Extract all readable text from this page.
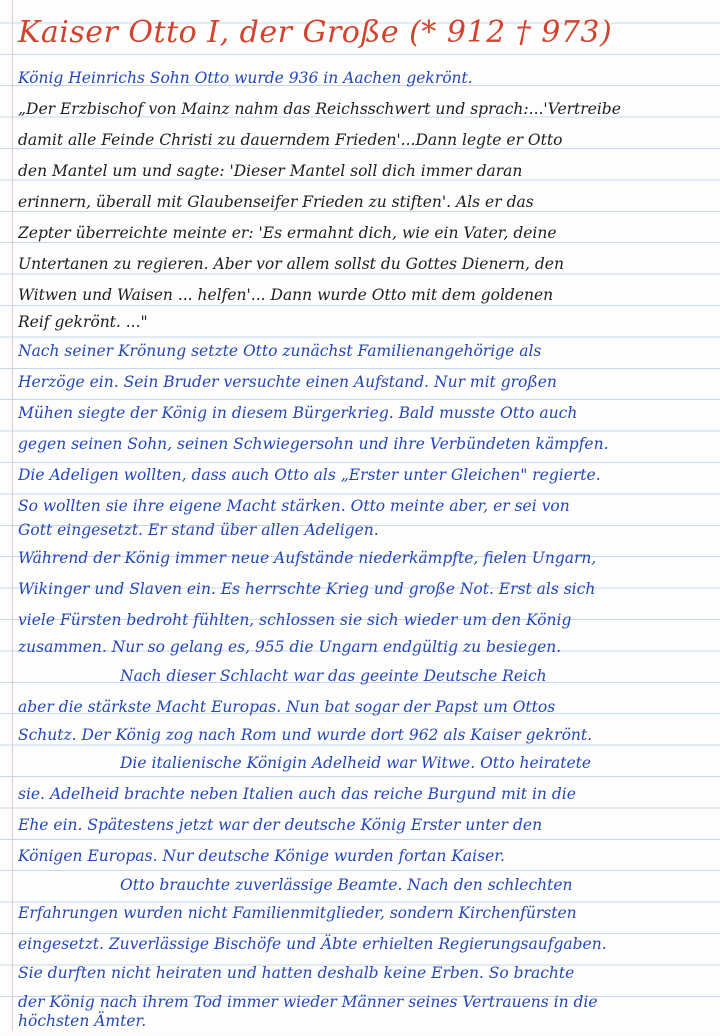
Kaiser Otto I, der Große (* 912 † 973)
König Heinrichs Sohn Otto wurde 936 in Aachen gekrönt.
„Der Erzbischof von Mainz nahm das Reichsschwert und sprach:...'Vertreibe
damit alle Feinde Christi zu dauerndem Frieden'...Dann legte er Otto
den Mantel um und sagte: 'Dieser Mantel soll dich immer daran
erinnern, überall mit Glaubenseifer Frieden zu stiften'. Als er das
Zepter überreichte meinte er: 'Es ermahnt dich, wie ein Vater, deine
Untertanen zu regieren. Aber vor allem sollst du Gottes Dienern, den
Witwen und Waisen ... helfen'... Dann wurde Otto mit dem goldenen
Reif gekrönt. ..."
Nach seiner Krönung setzte Otto zunächst Familienangehörige als
Herzöge ein. Sein Bruder versuchte einen Aufstand. Nur mit großen
Mühen siegte der König in diesem Bürgerkrieg. Bald musste Otto auch
gegen seinen Sohn, seinen Schwiegersohn und ihre Verbündeten kämpfen.
Die Adeligen wollten, dass auch Otto als „Erster unter Gleichen" regierte.
So wollten sie ihre eigene Macht stärken. Otto meinte aber, er sei von
Gott eingesetzt. Er stand über allen Adeligen.
Während der König immer neue Aufstände niederkämpfte, fielen Ungarn,
Wikinger und Slaven ein. Es herrschte Krieg und große Not. Erst als sich
viele Fürsten bedroht fühlten, schlossen sie sich wieder um den König
zusammen. Nur so gelang es, 955 die Ungarn endgültig zu besiegen.
Nach dieser Schlacht war das geeinte Deutsche Reich
aber die stärkste Macht Europas. Nun bat sogar der Papst um Ottos
Schutz. Der König zog nach Rom und wurde dort 962 als Kaiser gekrönt.
Die italienische Königin Adelheid war Witwe. Otto heiratete
sie. Adelheid brachte neben Italien auch das reiche Burgund mit in die
Ehe ein. Spätestens jetzt war der deutsche König Erster unter den
Königen Europas. Nur deutsche Könige wurden fortan Kaiser.
Otto brauchte zuverlässige Beamte. Nach den schlechten
Erfahrungen wurden nicht Familienmitglieder, sondern Kirchenfürsten
eingesetzt. Zuverlässige Bischöfe und Äbte erhielten Regierungsaufgaben.
Sie durften nicht heiraten und hatten deshalb keine Erben. So brachte
der König nach ihrem Tod immer wieder Männer seines Vertrauens in die
höchsten Ämter.
